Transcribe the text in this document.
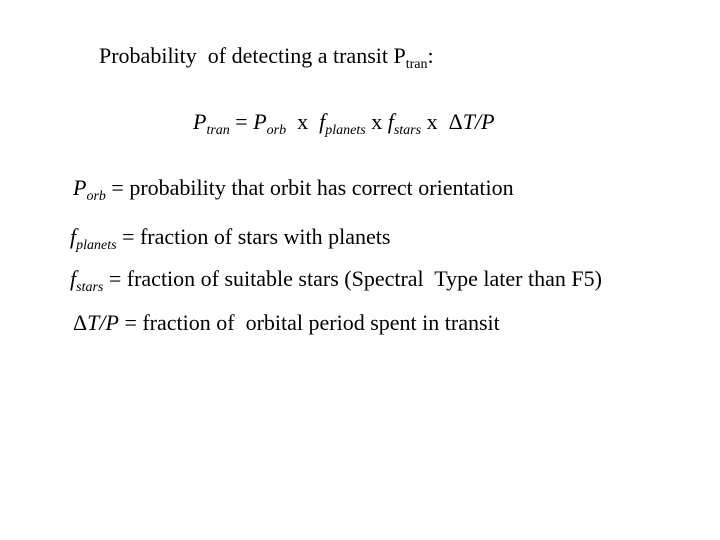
Probability  of detecting a transit $P_{tran}$:
$P_{tran} = P_{orb}$  x  $f_{planets}$ x $f_{stars}$ x  ΔT/P
$P_{orb}$ = probability that orbit has correct orientation
$f_{planets}$ = fraction of stars with planets
$f_{stars}$ = fraction of suitable stars (Spectral  Type later than F5)
ΔT/P = fraction of  orbital period spent in transit
